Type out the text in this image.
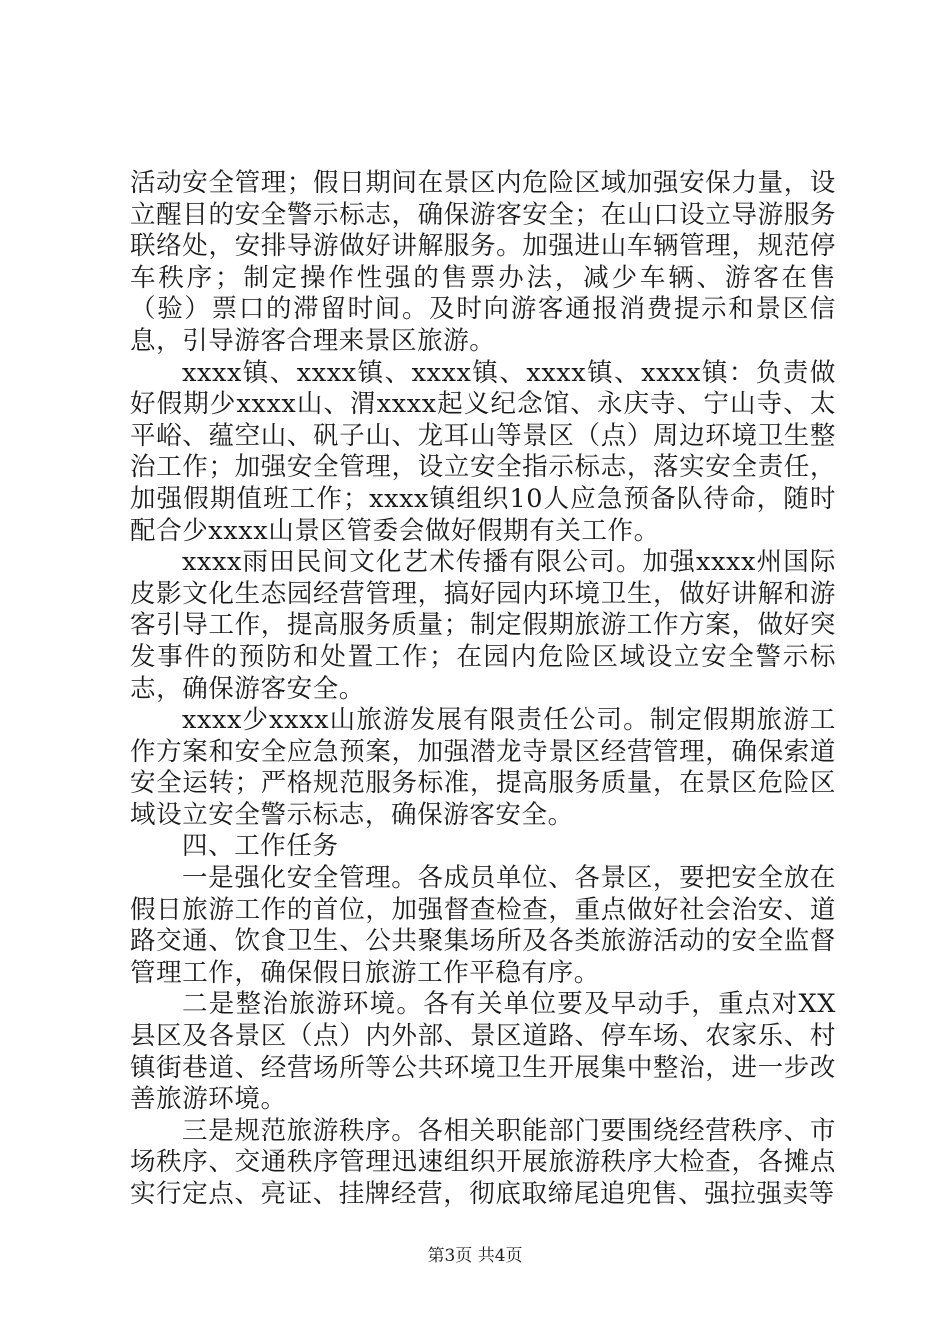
活动安全管理；假日期间在景区内危险区域加强安保力量，设立醒目的安全警示标志，确保游客安全；在山口设立导游服务联络处，安排导游做好讲解服务。加强进山车辆管理，规范停车秩序；制定操作性强的售票办法，减少车辆、游客在售（验）票口的滞留时间。及时向游客通报消费提示和景区信息，引导游客合理来景区旅游。

xxxx镇、xxxx镇、xxxx镇、xxxx镇、xxxx镇：负责做好假期少xxxx山、渭xxxx起义纪念馆、永庆寺、宁山寺、太平峪、蕴空山、矾子山、龙耳山等景区（点）周边环境卫生整治工作；加强安全管理，设立安全指示标志，落实安全责任，加强假期值班工作；xxxx镇组织10人应急预备队待命，随时配合少xxxx山景区管委会做好假期有关工作。

xxxx雨田民间文化艺术传播有限公司。加强xxxx州国际皮影文化生态园经营管理，搞好园内环境卫生，做好讲解和游客引导工作，提高服务质量；制定假期旅游工作方案，做好突发事件的预防和处置工作；在园内危险区域设立安全警示标志，确保游客安全。

xxxx少xxxx山旅游发展有限责任公司。制定假期旅游工作方案和安全应急预案，加强潜龙寺景区经营管理，确保索道安全运转；严格规范服务标准，提高服务质量，在景区危险区域设立安全警示标志，确保游客安全。

四、工作任务

一是强化安全管理。各成员单位、各景区，要把安全放在假日旅游工作的首位，加强督查检查，重点做好社会治安、道路交通、饮食卫生、公共聚集场所及各类旅游活动的安全监督管理工作，确保假日旅游工作平稳有序。

二是整治旅游环境。各有关单位要及早动手，重点对XX县区及各景区（点）内外部、景区道路、停车场、农家乐、村镇街巷道、经营场所等公共环境卫生开展集中整治，进一步改善旅游环境。

三是规范旅游秩序。各相关职能部门要围绕经营秩序、市场秩序、交通秩序管理迅速组织开展旅游秩序大检查，各摊点实行定点、亮证、挂牌经营，彻底取缔尾追兜售、强拉强卖等

第3页 共4页
